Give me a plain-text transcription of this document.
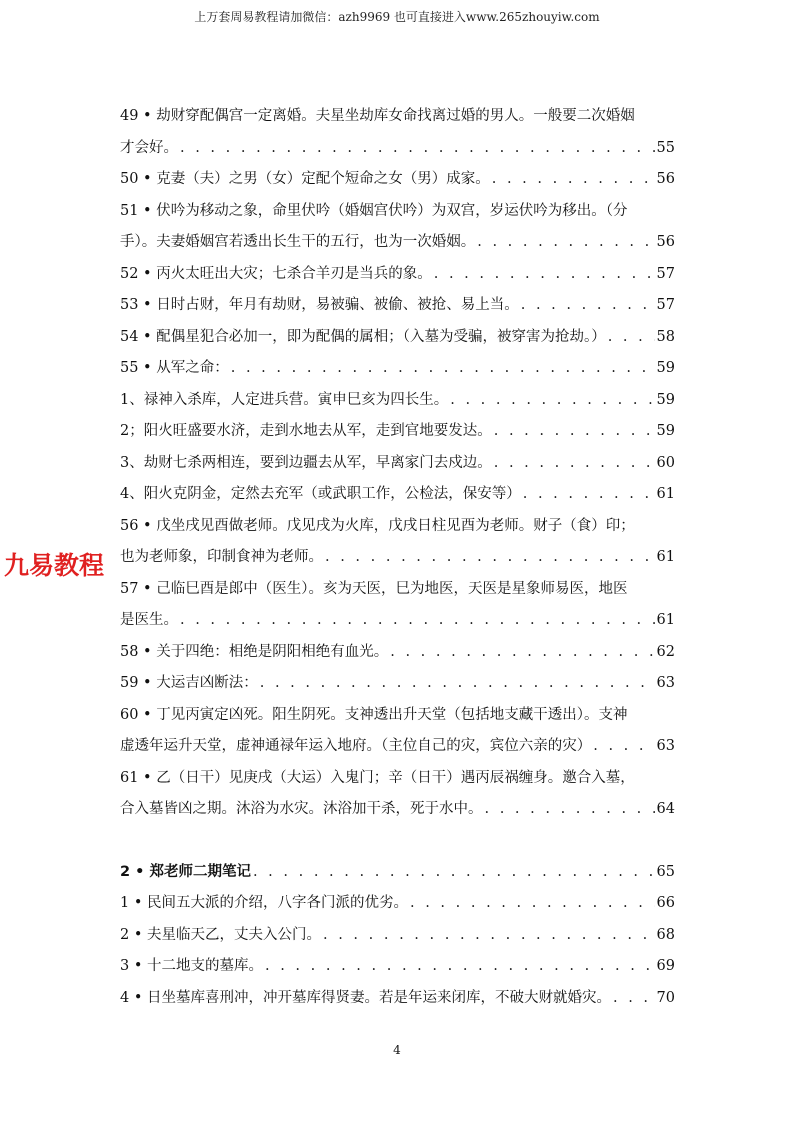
上万套周易教程请加微信：azh9969 也可直接进入www.265zhouyiw.com
九易教程
49 • 劫财穿配偶宫一定离婚。夫星坐劫库女命找离过婚的男人。一般要二次婚姻
才会好。 . . .	55
50 • 克妻（夫）之男（女）定配个短命之女（男）成家。 . . .	56
51 • 伏吟为移动之象，命里伏吟（婚姻宫伏吟）为双宫，岁运伏吟为移出。（分
手）。夫妻婚姻宫若透出长生干的五行，也为一次婚姻。 . . .	56
52 • 丙火太旺出大灾；七杀合羊刃是当兵的象。 . . .	57
53 • 日时占财，年月有劫财，易被骗、被偷、被抢、易上当。 . . .	57
54 • 配偶星犯合必加一，即为配偶的属相；（入墓为受骗，被穿害为抢劫。） . . .	58
55 • 从军之命： . . .	59
1、禄神入杀库，人定进兵营。寅申巳亥为四长生。 . . .	59
2；阳火旺盛要水济，走到水地去从军，走到官地要发达。 . . .	59
3、劫财七杀两相连，要到边疆去从军，早离家门去戍边。 . . .	60
4、阳火克阴金，定然去充军（或武职工作，公检法，保安等） . . .	61
56 • 戊坐戌见酉做老师。戊见戌为火库，戊戌日柱见酉为老师。财子（食）印；
也为老师象，印制食神为老师。 . . .	61
57 • 己临巳酉是郎中（医生）。亥为天医，巳为地医，天医是星象师易医，地医
是医生。 . . .	61
58 • 关于四绝：相绝是阴阳相绝有血光。 . . .	62
59 • 大运吉凶断法： . . .	63
60 • 丁见丙寅定凶死。阳生阴死。支神透出升天堂（包括地支藏干透出）。支神
虚透年运升天堂，虚神通禄年运入地府。（主位自己的灾，宾位六亲的灾） . . .	63
61 • 乙（日干）见庚戌（大运）入鬼门；辛（日干）遇丙辰祸缠身。邀合入墓，
合入墓皆凶之期。沐浴为水灾。沐浴加干杀，死于水中。 . . .	64
2 • 郑老师二期笔记 . . .	65
1 • 民间五大派的介绍，八字各门派的优劣。 . . .	66
2 • 夫星临天乙，丈夫入公门。 . . .	68
3 • 十二地支的墓库。 . . .	69
4 • 日坐墓库喜刑冲，冲开墓库得贤妻。若是年运来闭库，不破大财就婚灾。 . . .	70
4
